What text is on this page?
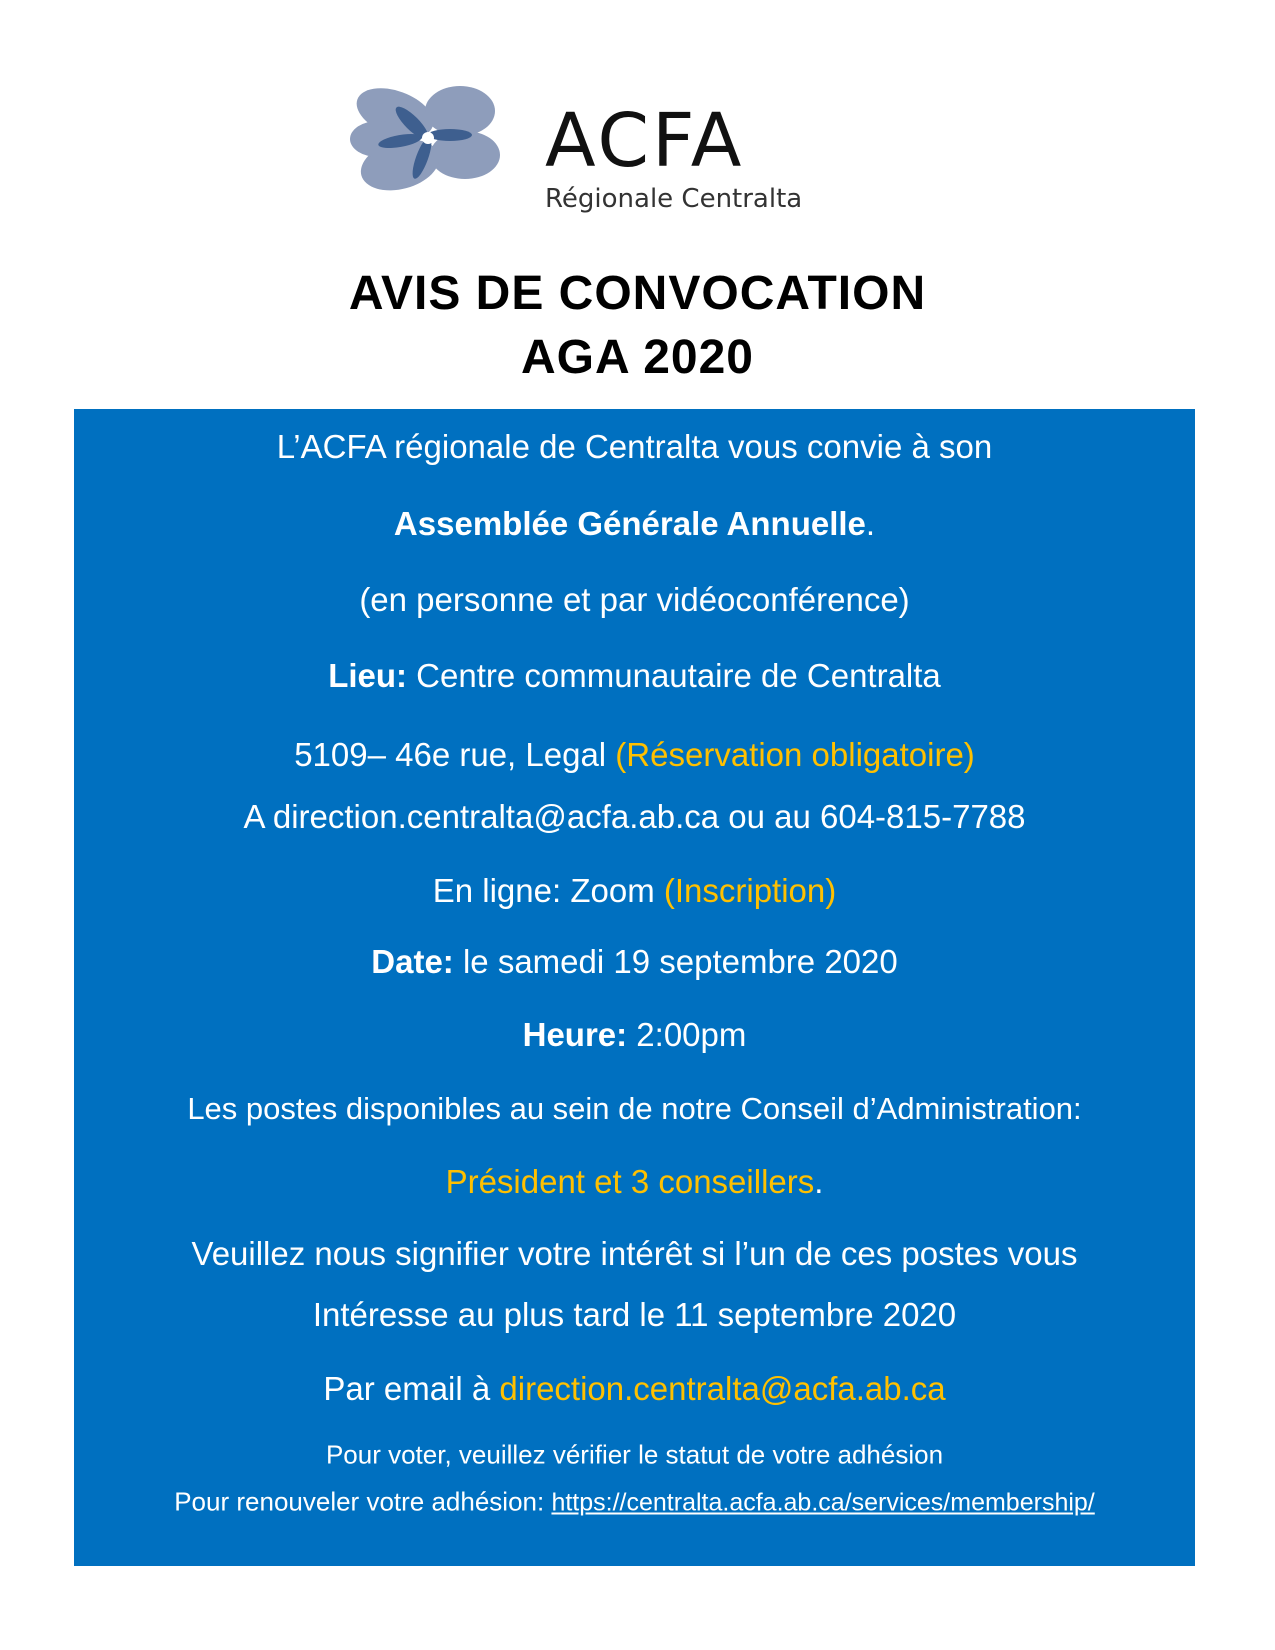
ACFA
Régionale Centralta
AVIS DE CONVOCATION
AGA 2020
L’ACFA régionale de Centralta vous convie à son
Assemblée Générale Annuelle.
(en personne et par vidéoconférence)
Lieu: Centre communautaire de Centralta
5109– 46e rue, Legal (Réservation obligatoire)
A direction.centralta@acfa.ab.ca ou au 604-815-7788
En ligne: Zoom (Inscription)
Date: le samedi 19 septembre 2020
Heure: 2:00pm
Les postes disponibles au sein de notre Conseil d’Administration:
Président et 3 conseillers.
Veuillez nous signifier votre intérêt si l’un de ces postes vous
Intéresse au plus tard le 11 septembre 2020
Par email à direction.centralta@acfa.ab.ca
Pour voter, veuillez vérifier le statut de votre adhésion
Pour renouveler votre adhésion: https://centralta.acfa.ab.ca/services/membership/
